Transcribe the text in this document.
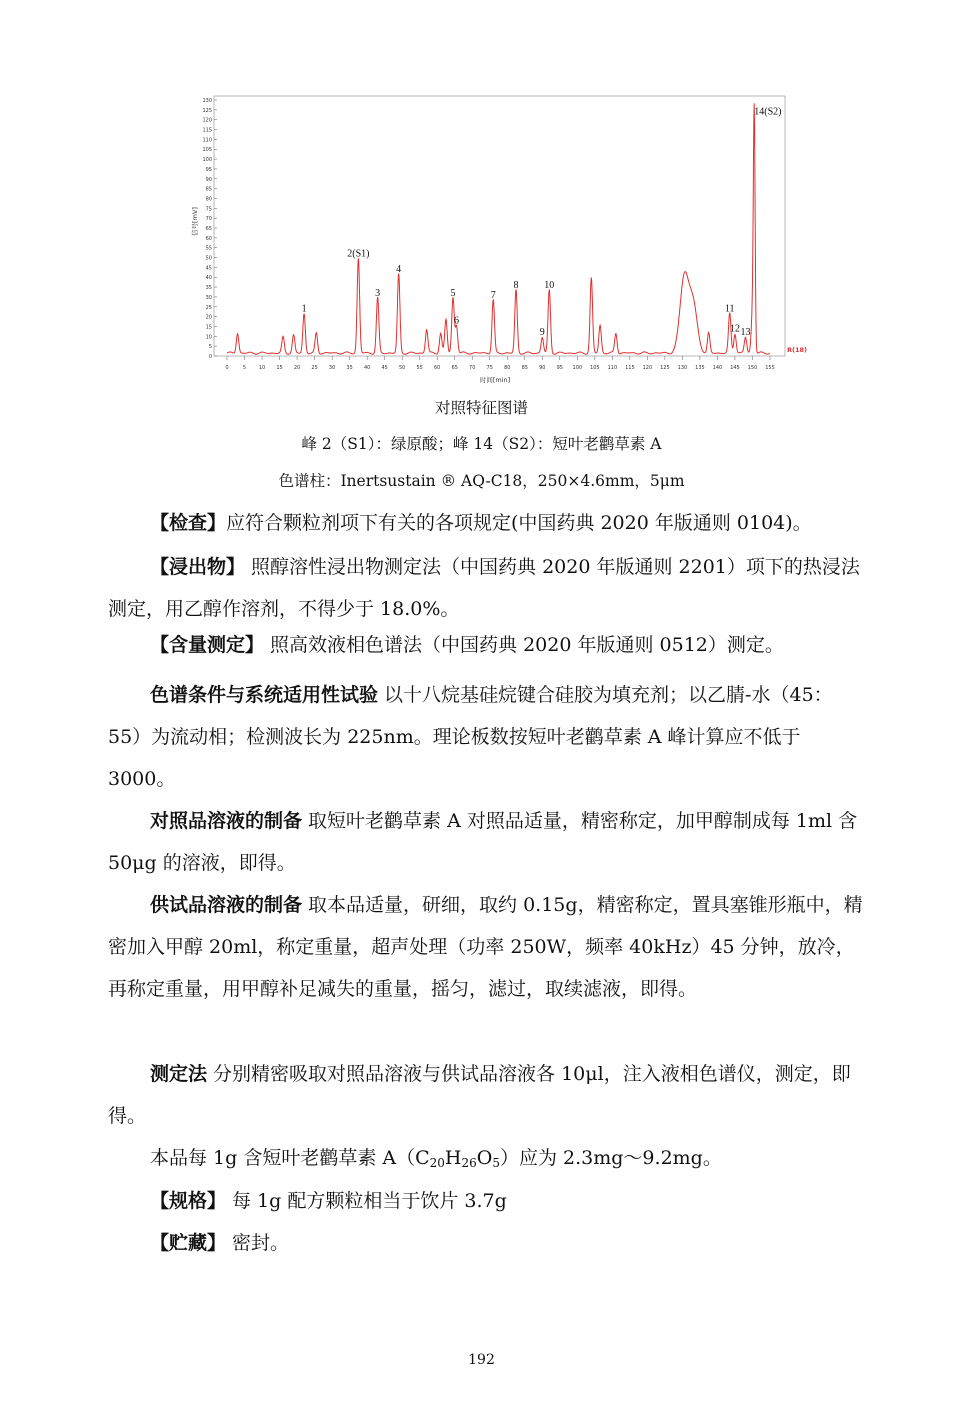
0
5
10
15
20
25
30
35
40
45
50
55
60
65
70
75
80
85
90
95
100
105
110
115
120
125
130
0	5	10 15 20 25 30 35 40 45 50 55 60 65 70 75 80 85 90 95 100 105 110 115 120 125 130 135 140 145 150 155
1
2(S1)
3
4
5
6
7
8
9
10
11
12 13
14(S2)
信号[mV]
时间[min]
R(18)
对照特征图谱
峰 2（S1）：绿原酸；峰 14（S2）：短叶老鹳草素 A
色谱柱：Inertsustain ® AQ-C18，250×4.6mm，5μm
【检查】应符合颗粒剂项下有关的各项规定(中国药典 2020 年版通则 0104)。
【浸出物】 照醇溶性浸出物测定法（中国药典 2020 年版通则 2201）项下的热浸法测定，用乙醇作溶剂，不得少于 18.0%。
【含量测定】 照高效液相色谱法（中国药典 2020 年版通则 0512）测定。
色谱条件与系统适用性试验 以十八烷基硅烷键合硅胶为填充剂；以乙腈-水（45：55）为流动相；检测波长为 225nm。理论板数按短叶老鹳草素 A 峰计算应不低于 3000。
对照品溶液的制备 取短叶老鹳草素 A 对照品适量，精密称定，加甲醇制成每 1ml 含 50μg 的溶液，即得。
供试品溶液的制备 取本品适量，研细，取约 0.15g，精密称定，置具塞锥形瓶中，精密加入甲醇 20ml，称定重量，超声处理（功率 250W，频率 40kHz）45 分钟，放冷，再称定重量，用甲醇补足减失的重量，摇匀，滤过，取续滤液，即得。
测定法 分别精密吸取对照品溶液与供试品溶液各 10μl，注入液相色谱仪，测定，即得。
本品每 1g 含短叶老鹳草素 $A(C_{20}H_{26}O_5)$应为 2.3mg～9.2mg。
【规格】 每 1g 配方颗粒相当于饮片 3.7g
【贮藏】 密封。
192
